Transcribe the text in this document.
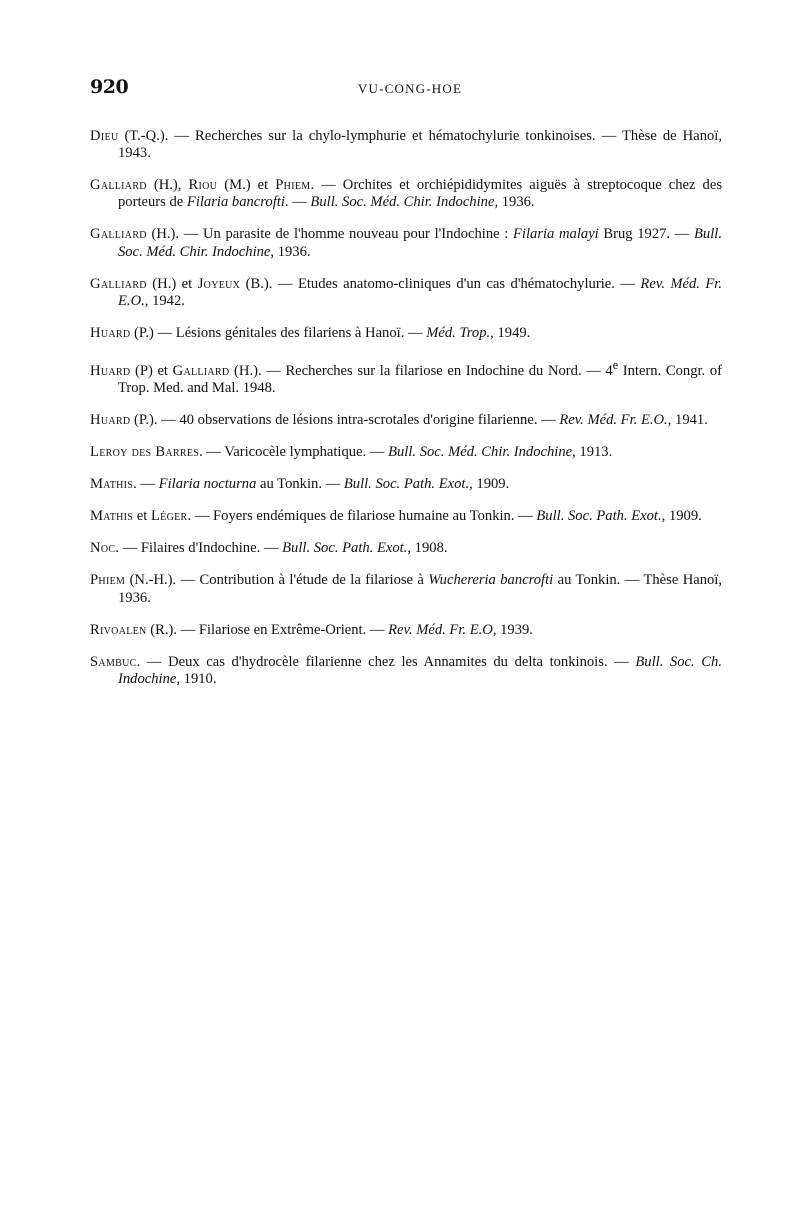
920	VU-CONG-HOE

Dieu (T.-Q.). — Recherches sur la chylo-lymphurie et hématochylurie tonkinoises. — Thèse de Hanoï, 1943.

Galliard (H.), Riou (M.) et Phiem. — Orchites et orchiépididymites aiguës à streptocoque chez des porteurs de Filaria bancrofti. — Bull. Soc. Méd. Chir. Indochine, 1936.

Galliard (H.). — Un parasite de l'homme nouveau pour l'Indochine : Filaria malayi Brug 1927. — Bull. Soc. Méd. Chir. Indochine, 1936.

Galliard (H.) et Joyeux (B.). — Etudes anatomo-cliniques d'un cas d'hématochylurie. — Rev. Méd. Fr. E.O., 1942.

Huard (P.) — Lésions génitales des filariens à Hanoï. — Méd. Trop., 1949.

Huard (P) et Galliard (H.). — Recherches sur la filariose en Indochine du Nord. — 4e Intern. Congr. of Trop. Med. and Mal. 1948.

Huard (P.). — 40 observations de lésions intra-scrotales d'origine filarienne. — Rev. Méd. Fr. E.O., 1941.

Leroy des Barres. — Varicocèle lymphatique. — Bull. Soc. Méd. Chir. Indochine, 1913.

Mathis. — Filaria nocturna au Tonkin. — Bull. Soc. Path. Exot., 1909.

Mathis et Léger. — Foyers endémiques de filariose humaine au Tonkin. — Bull. Soc. Path. Exot., 1909.

Noc. — Filaires d'Indochine. — Bull. Soc. Path. Exot., 1908.

Phiem (N.-H.). — Contribution à l'étude de la filariose à Wuchereria bancrofti au Tonkin. — Thèse Hanoï, 1936.

Rivoalen (R.). — Filariose en Extrême-Orient. — Rev. Méd. Fr. E.O, 1939.

Sambuc. — Deux cas d'hydrocèle filarienne chez les Annamites du delta tonkinois. — Bull. Soc. Ch. Indochine, 1910.
